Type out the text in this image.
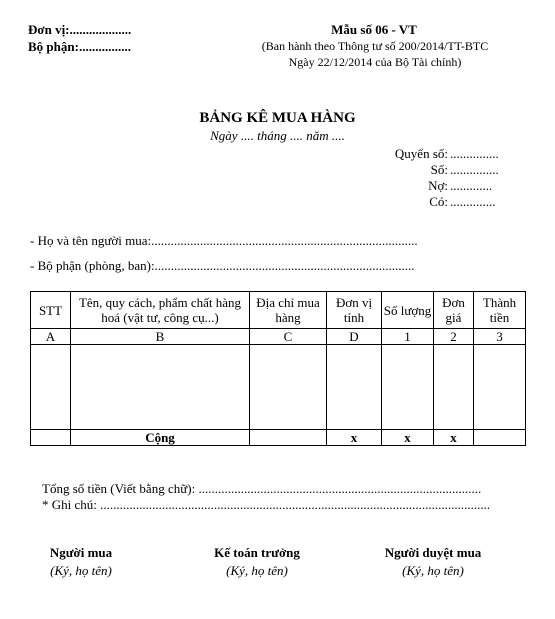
Đơn vị:...................
Bộ phận:................
Mẫu số 06 - VT
(Ban hành theo Thông tư số 200/2014/TT-BTC
Ngày 22/12/2014 của Bộ Tài chính)
BẢNG KÊ MUA HÀNG
Ngày .... tháng .... năm ....
Quyển số: ...............
Số: ...............
Nợ: .............
Có: ..............
- Họ và tên người mua:..................................................................................
- Bộ phận (phòng, ban):................................................................................
STT	Tên, quy cách, phẩm chất hàng hoá (vật tư, công cụ...)	Địa chỉ mua hàng	Đơn vị tính	Số lượng	Đơn giá	Thành tiền
A	B	C	D	1	2	3

	Cộng		x	x	x	
Tổng số tiền (Viết bằng chữ): .......................................................................................
* Ghi chú: ........................................................................................................................
Người mua
(Ký, họ tên)
Kế toán trưởng
(Ký, họ tên)
Người duyệt mua
(Ký, họ tên)
